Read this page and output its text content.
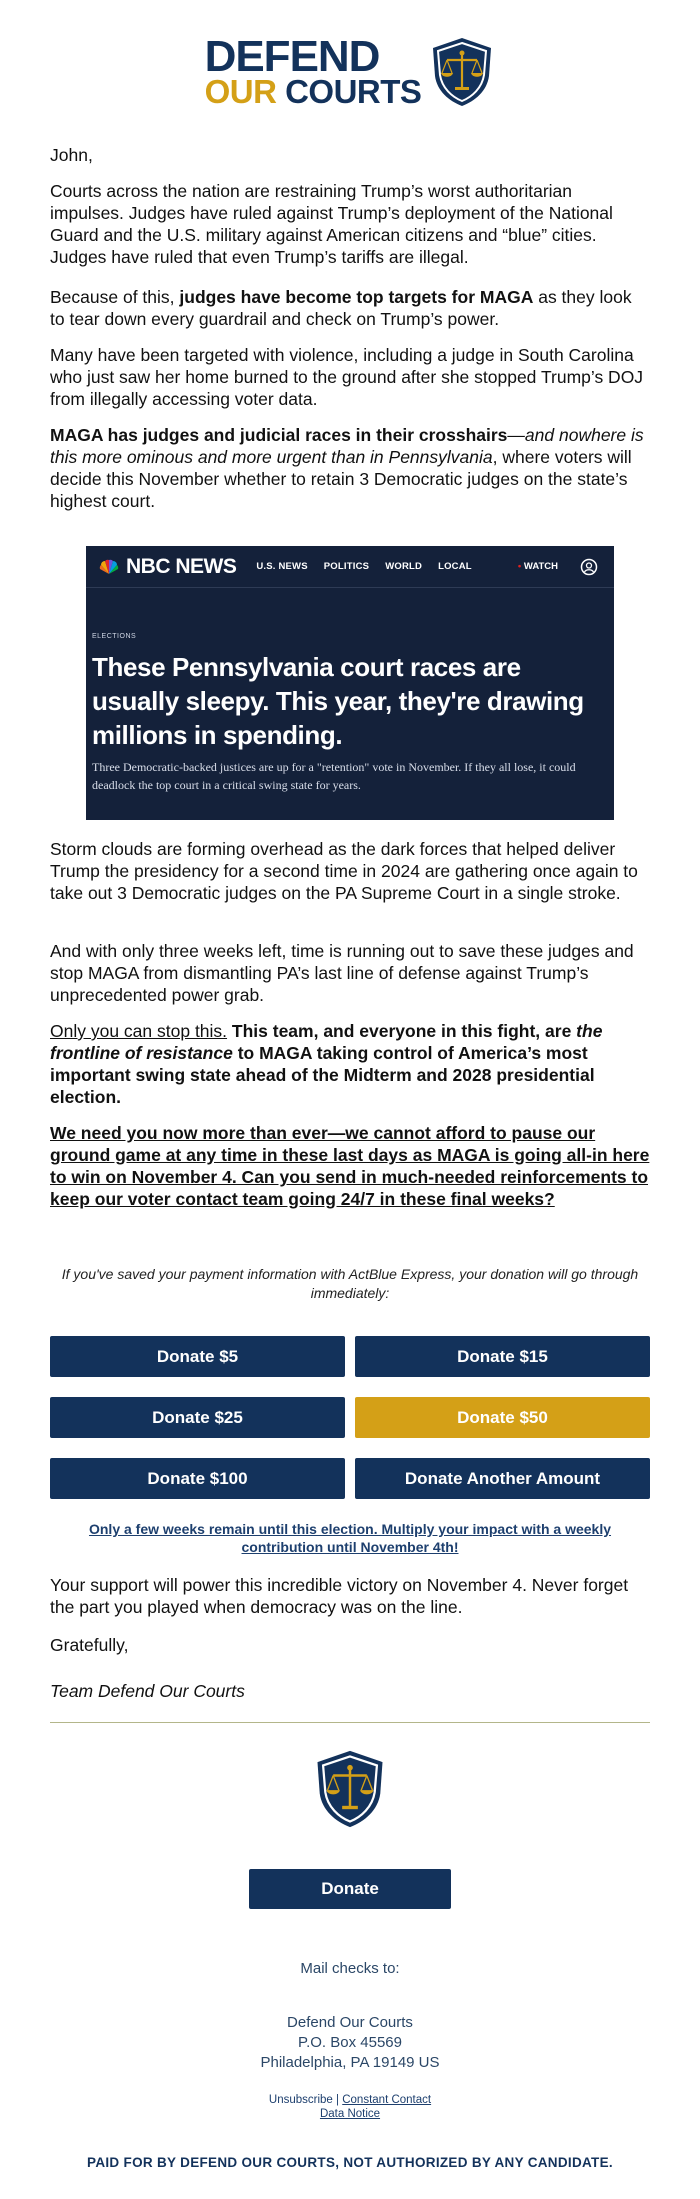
DEFEND
OUR COURTS

John,

Courts across the nation are restraining Trump’s worst authoritarian impulses. Judges have ruled against Trump’s deployment of the National Guard and the U.S. military against American citizens and “blue” cities. Judges have ruled that even Trump’s tariffs are illegal.

Because of this, judges have become top targets for MAGA as they look to tear down every guardrail and check on Trump’s power.

Many have been targeted with violence, including a judge in South Carolina who just saw her home burned to the ground after she stopped Trump’s DOJ from illegally accessing voter data.

MAGA has judges and judicial races in their crosshairs—and nowhere is this more ominous and more urgent than in Pennsylvania, where voters will decide this November whether to retain 3 Democratic judges on the state’s highest court.

NBC NEWS U.S. NEWS POLITICS WORLD LOCAL	• WATCH
ELECTIONS
These Pennsylvania court races are usually sleepy. This year, they're drawing millions in spending.
Three Democratic-backed justices are up for a "retention" vote in November. If they all lose, it could deadlock the top court in a critical swing state for years.

Storm clouds are forming overhead as the dark forces that helped deliver Trump the presidency for a second time in 2024 are gathering once again to take out 3 Democratic judges on the PA Supreme Court in a single stroke.

And with only three weeks left, time is running out to save these judges and stop MAGA from dismantling PA’s last line of defense against Trump’s unprecedented power grab.

Only you can stop this. This team, and everyone in this fight, are the frontline of resistance to MAGA taking control of America’s most important swing state ahead of the Midterm and 2028 presidential election.

We need you now more than ever—we cannot afford to pause our ground game at any time in these last days as MAGA is going all-in here to win on November 4. Can you send in much-needed reinforcements to keep our voter contact team going 24/7 in these final weeks?

If you've saved your payment information with ActBlue Express, your donation will go through immediately:

Donate $5	Donate $15
Donate $25	Donate $50
Donate $100	Donate Another Amount

Only a few weeks remain until this election. Multiply your impact with a weekly contribution until November 4th!

Your support will power this incredible victory on November 4. Never forget the part you played when democracy was on the line.

Gratefully,

Team Defend Our Courts

Donate
Mail checks to:
Defend Our Courts
P.O. Box 45569
Philadelphia, PA 19149 US
Unsubscribe | Constant Contact
Data Notice
PAID FOR BY DEFEND OUR COURTS, NOT AUTHORIZED BY ANY CANDIDATE.
